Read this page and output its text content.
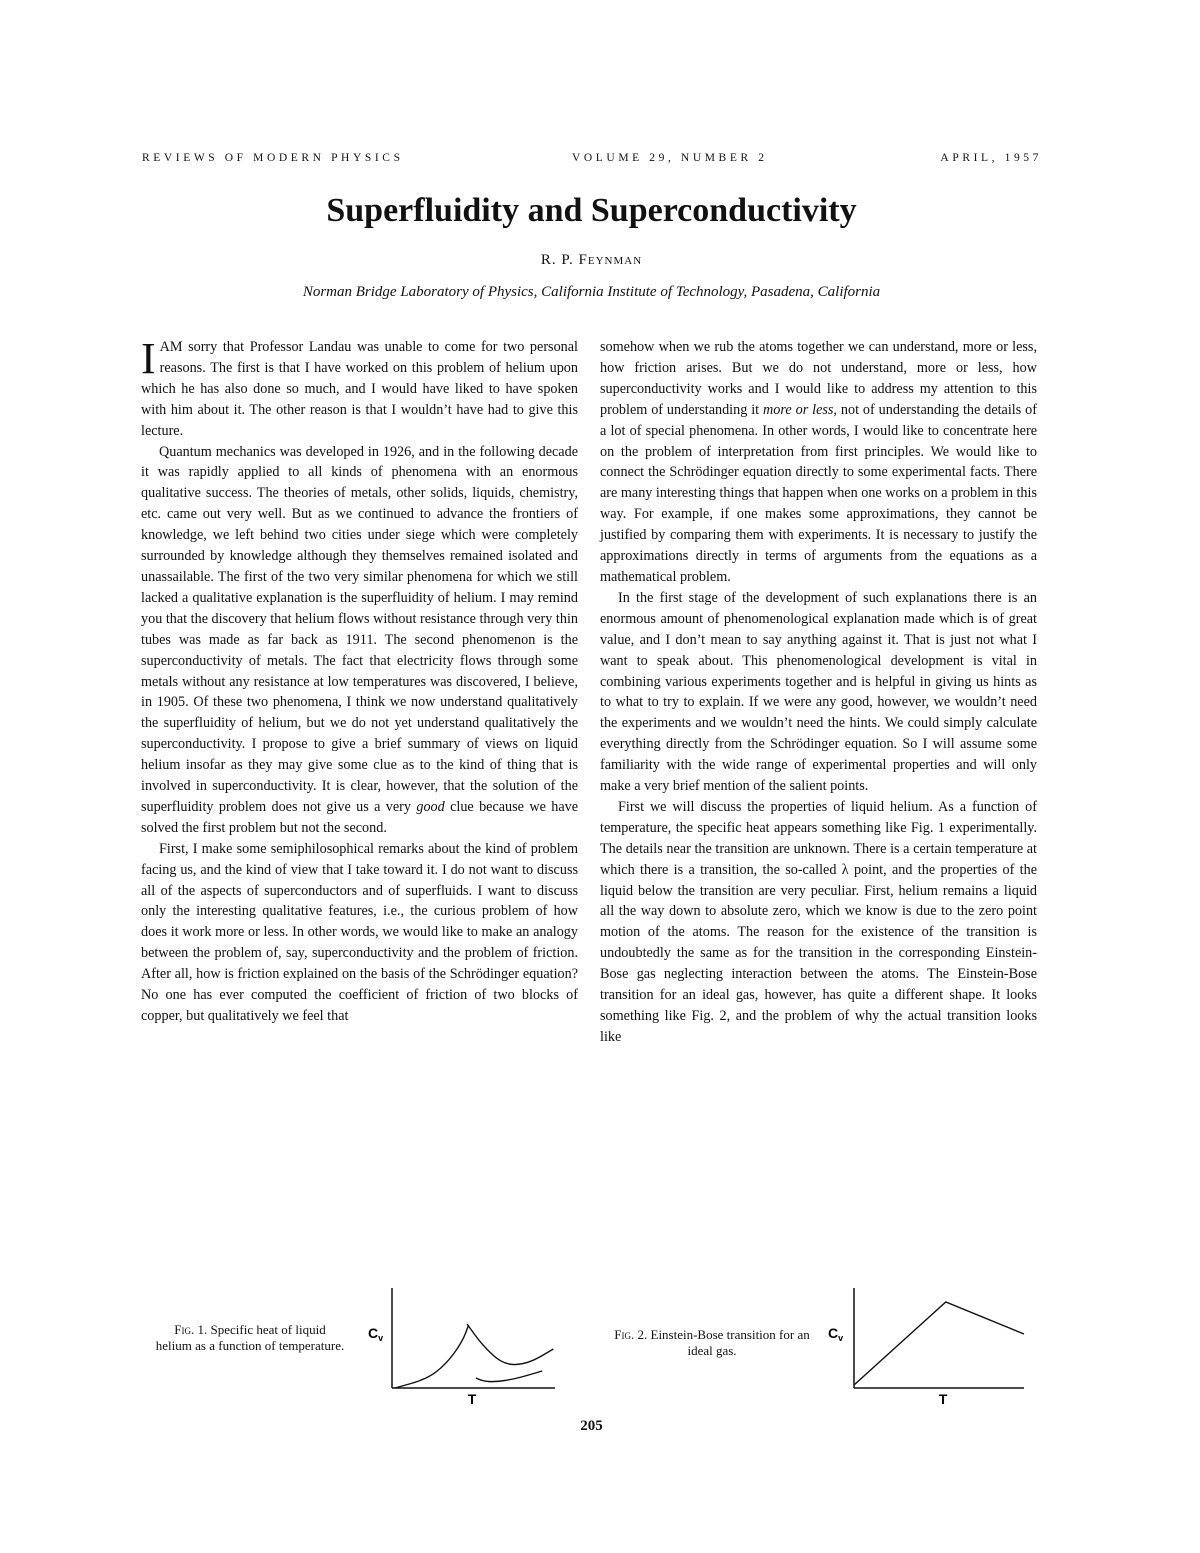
REVIEWS OF MODERN PHYSICS	VOLUME 29, NUMBER 2	APRIL, 1957
Superfluidity and Superconductivity
R. P. Feynman
Norman Bridge Laboratory of Physics, California Institute of Technology, Pasadena, California

I AM sorry that Professor Landau was unable to come for two personal reasons. The first is that I have worked on this problem of helium upon which he has also done so much, and I would have liked to have spoken with him about it. The other reason is that I wouldn’t have had to give this lecture.

Quantum mechanics was developed in 1926, and in the following decade it was rapidly applied to all kinds of phenomena with an enormous qualitative success. The theories of metals, other solids, liquids, chemistry, etc. came out very well. But as we continued to advance the frontiers of knowledge, we left behind two cities under siege which were completely surrounded by knowledge although they themselves remained isolated and unassailable. The first of the two very similar phenomena for which we still lacked a qualitative explanation is the superfluidity of helium. I may remind you that the discovery that helium flows without resistance through very thin tubes was made as far back as 1911. The second phenomenon is the superconductivity of metals. The fact that electricity flows through some metals without any resistance at low temperatures was discovered, I believe, in 1905. Of these two phenomena, I think we now understand qualitatively the superfluidity of helium, but we do not yet understand qualitatively the superconductivity. I propose to give a brief summary of views on liquid helium insofar as they may give some clue as to the kind of thing that is involved in superconductivity. It is clear, however, that the solution of the superfluidity problem does not give us a very good clue because we have solved the first problem but not the second.

First, I make some semiphilosophical remarks about the kind of problem facing us, and the kind of view that I take toward it. I do not want to discuss all of the aspects of superconductors and of superfluids. I want to discuss only the interesting qualitative features, i.e., the curious problem of how does it work more or less. In other words, we would like to make an analogy between the problem of, say, superconductivity and the problem of friction. After all, how is friction explained on the basis of the Schrödinger equation? No one has ever computed the coefficient of friction of two blocks of copper, but qualitatively we feel that

somehow when we rub the atoms together we can understand, more or less, how friction arises. But we do not understand, more or less, how superconductivity works and I would like to address my attention to this problem of understanding it more or less, not of understanding the details of a lot of special phenomena. In other words, I would like to concentrate here on the problem of interpretation from first principles. We would like to connect the Schrödinger equation directly to some experimental facts. There are many interesting things that happen when one works on a problem in this way. For example, if one makes some approximations, they cannot be justified by comparing them with experiments. It is necessary to justify the approximations directly in terms of arguments from the equations as a mathematical problem.

In the first stage of the development of such explanations there is an enormous amount of phenomenological explanation made which is of great value, and I don’t mean to say anything against it. That is just not what I want to speak about. This phenomenological development is vital in combining various experiments together and is helpful in giving us hints as to what to try to explain. If we were any good, however, we wouldn’t need the experiments and we wouldn’t need the hints. We could simply calculate everything directly from the Schrödinger equation. So I will assume some familiarity with the wide range of experimental properties and will only make a very brief mention of the salient points.

First we will discuss the properties of liquid helium. As a function of temperature, the specific heat appears something like Fig. 1 experimentally. The details near the transition are unknown. There is a certain temperature at which there is a transition, the so-called λ point, and the properties of the liquid below the transition are very peculiar. First, helium remains a liquid all the way down to absolute zero, which we know is due to the zero point motion of the atoms. The reason for the existence of the transition is undoubtedly the same as for the transition in the corresponding Einstein-Bose gas neglecting interaction between the atoms. The Einstein-Bose transition for an ideal gas, however, has quite a different shape. It looks something like Fig. 2, and the problem of why the actual transition looks like

Fig. 1. Specific heat of liquid helium as a function of temperature.
Fig. 2. Einstein-Bose transition for an ideal gas.
$C_v$
T
$C_v$
T
205
